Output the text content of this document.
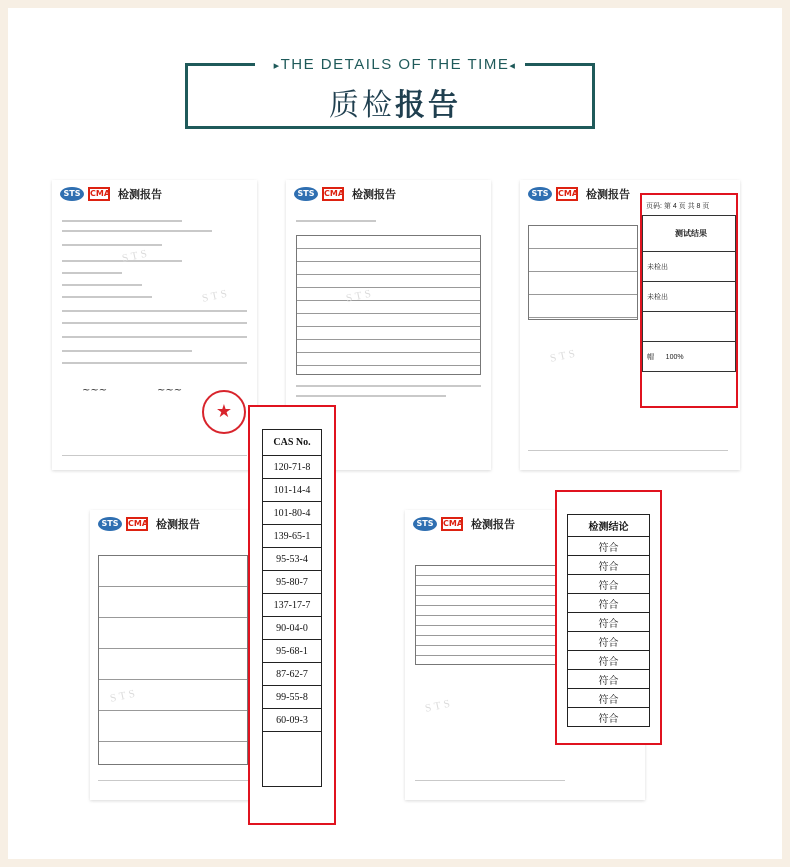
▸THE DETAILS OF THE TIME◂
质检报告
STS	CMA 检测报告
STS
STS
~~~	~~~
★
STS	CMA 检测报告
STS
STS	CMA 检测报告
STS
页码: 第 4 页 共 8 页
测试结果
未检出
未检出

帽 100%
STS	CMA 检测报告
STS
CAS No.
120-71-8
101-14-4
101-80-4
139-65-1
95-53-4
95-80-7
137-17-7
90-04-0
95-68-1
87-62-7
99-55-8
60-09-3

STS	CMA 检测报告
STS
检测结论
符合
符合
符合
符合
符合
符合
符合
符合
符合
符合
